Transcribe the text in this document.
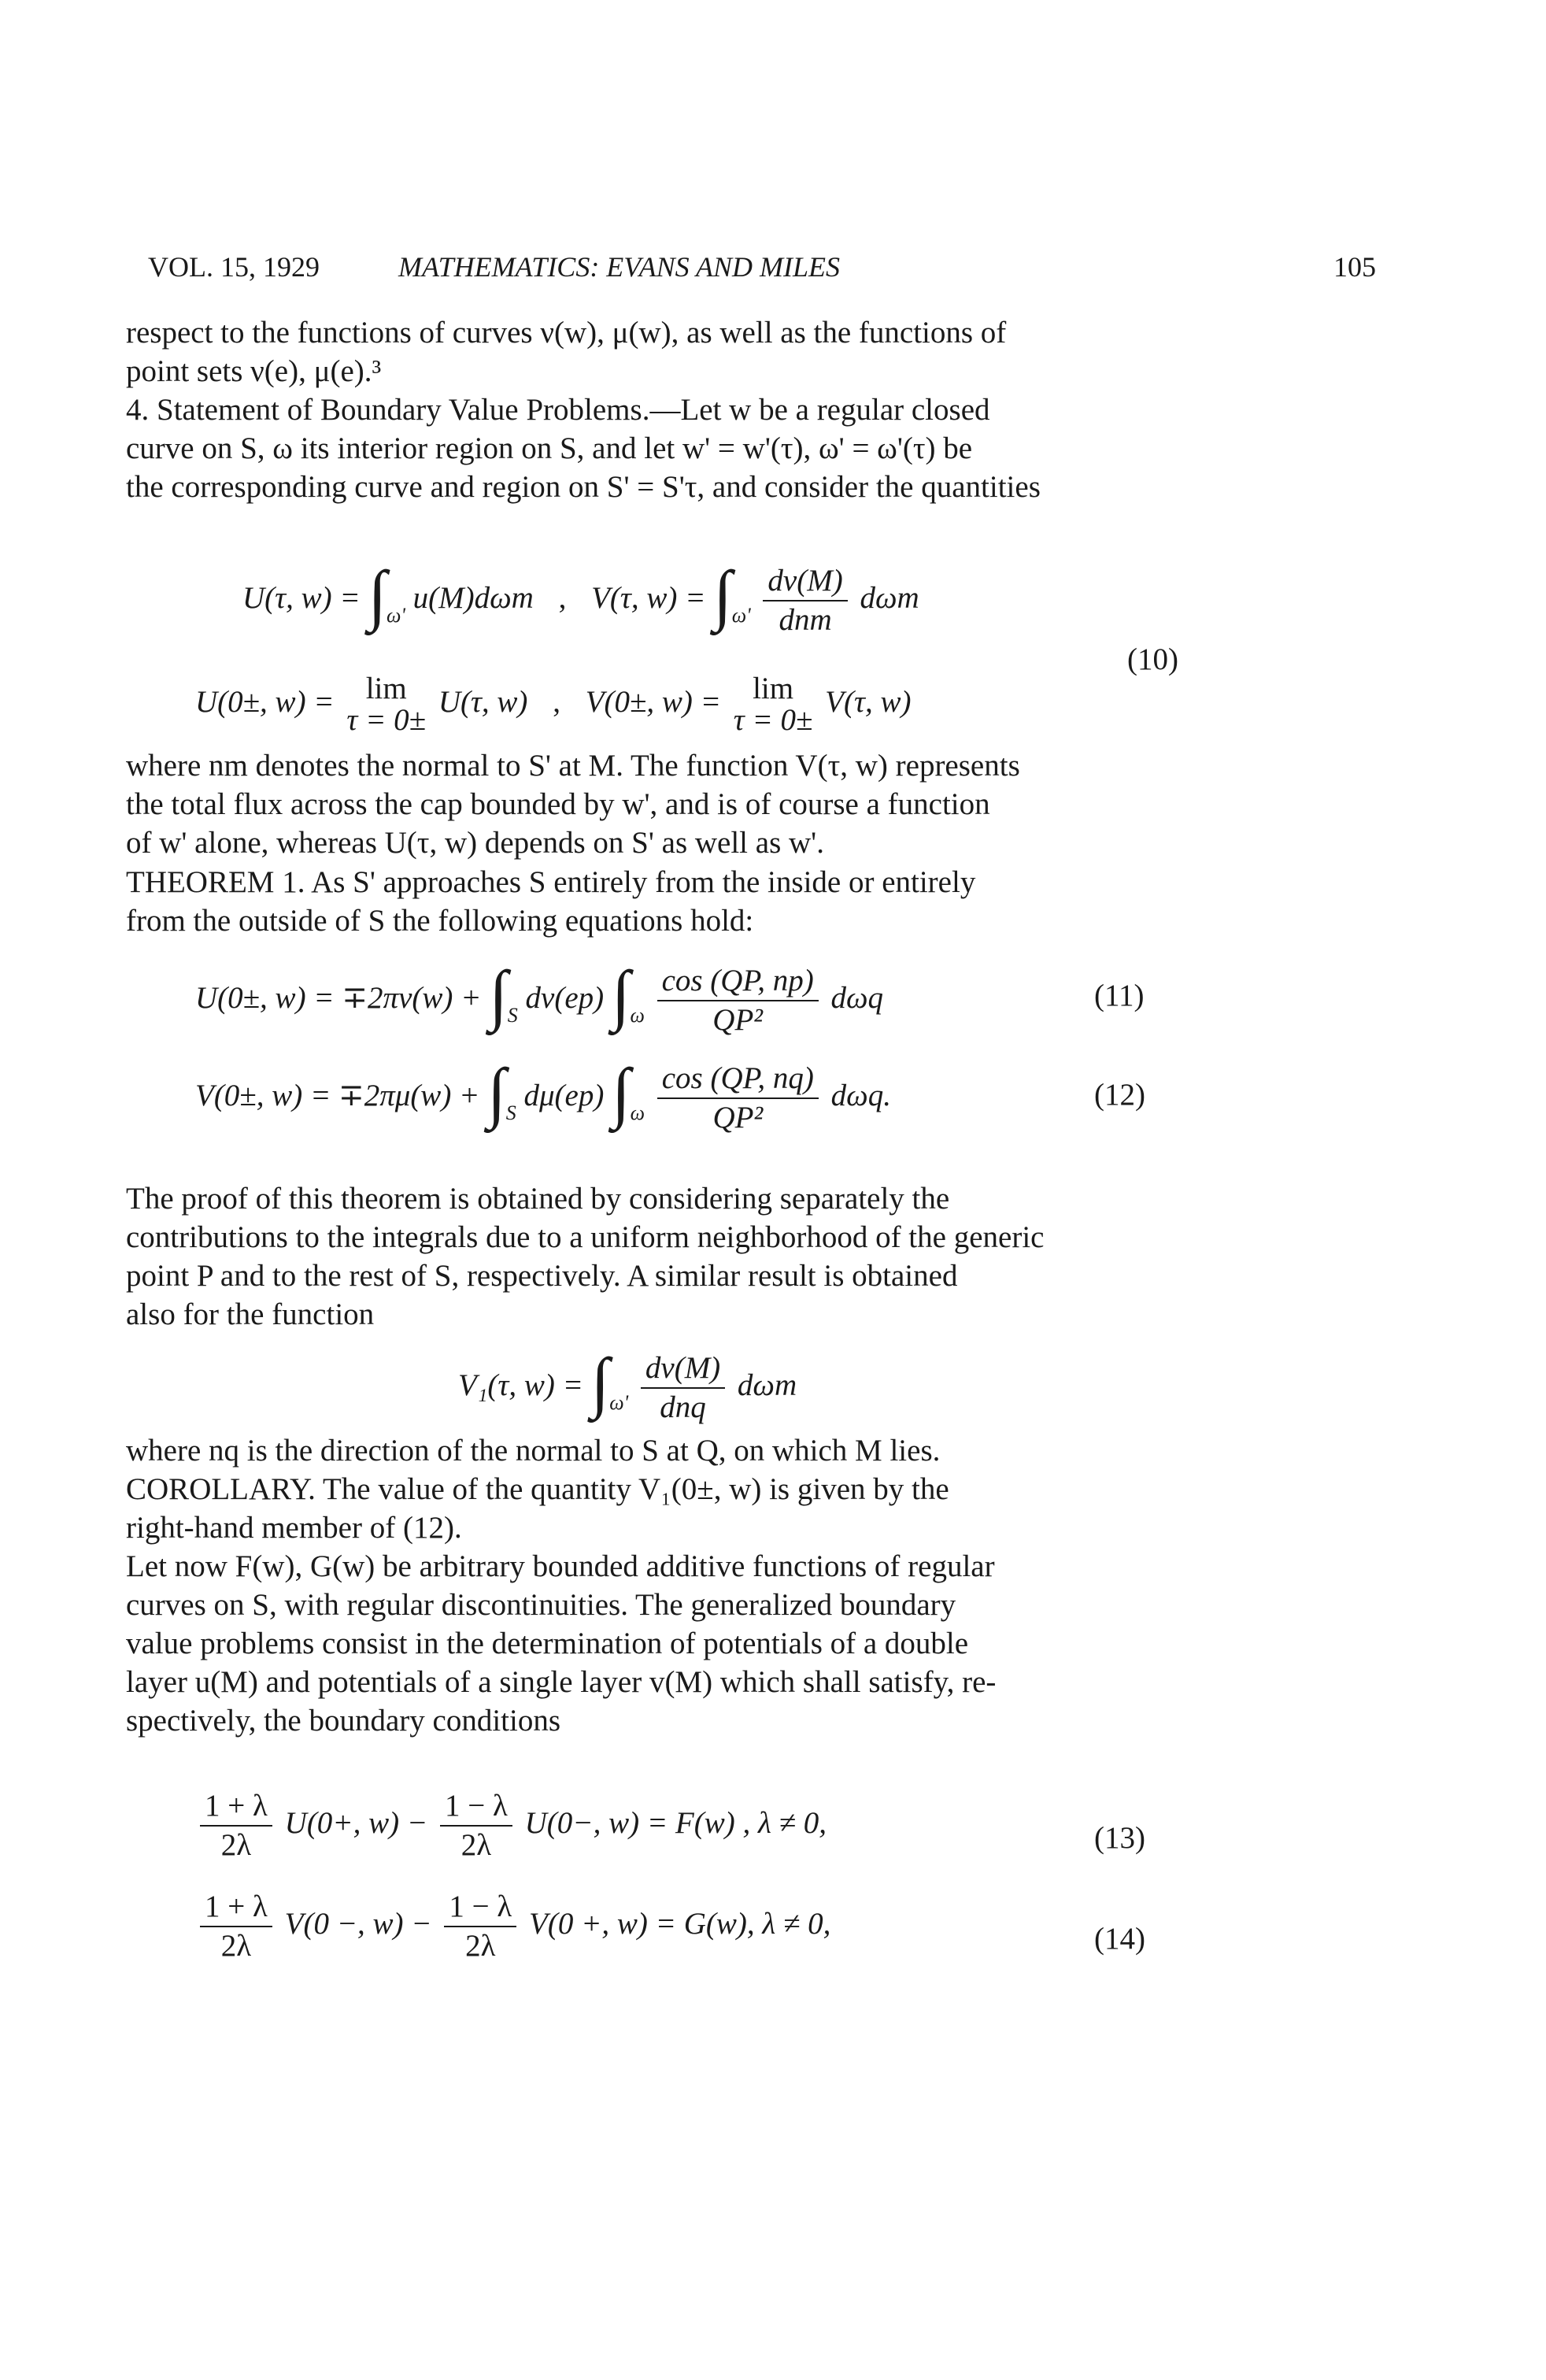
VOL. 15, 1929	MATHEMATICS: EVANS AND MILES	105
respect to the functions of curves ν(w), μ(w), as well as the functions of
point sets ν(e), μ(e).³
4. Statement of Boundary Value Problems.—Let w be a regular closed
curve on S, ω its interior region on S, and let w' = w'(τ), ω' = ω'(τ) be
the corresponding curve and region on S' = S'τ, and consider the quantities
U(τ, $w) = \int_{\omega'}$ u(M)dωm , V(τ, $w) = \int_{\omega'} \frac{dv(M)}{\text{dnm}}$ dωm
(10)
U(0±, w) =	lim
τ = 0±
U(τ, w) , V(0±, w) =	lim
τ = 0±
V(τ, w)
where nm denotes the normal to S' at M. The function V(τ, w) represents
the total flux across the cap bounded by w', and is of course a function
of w' alone, whereas U(τ, w) depends on S' as well as w'.
THEOREM 1. As S' approaches S entirely from the inside or entirely
from the outside of S the following equations hold:
U(0±, $w) = \mp 2\pi\nu(w) + \int_S$ dν(ep) $\int_\omega \frac{\cos (QP, np)}{\text{QP²}}$ dωq	(11)
V(0±, $w) = \mp 2\pi\mu(w) + \int_S$ dμ(ep) $\int_\omega \frac{\cos (QP, nq)}{\text{QP²}} d\omega q$.	(12)
The proof of this theorem is obtained by considering separately the
contributions to the integrals due to a uniform neighborhood of the generic
point P and to the rest of S, respectively. A similar result is obtained
also for the function
V₁(τ, $w) = \int_{\omega'} \frac{dv(M)}{\text{dnq}}$ dωm
where nq is the direction of the normal to S at Q, on which M lies.
COROLLARY. The value of the quantity V₁(0±, w) is given by the
right-hand member of (12).
Let now F(w), G(w) be arbitrary bounded additive functions of regular
curves on S, with regular discontinuities. The generalized boundary
value problems consist in the determination of potentials of a double
layer u(M) and potentials of a single layer v(M) which shall satisfy, re-
spectively, the boundary conditions
$\frac{1 + \lambda}{2\lambda} U(0+$, $w) - \frac{1 - \lambda}{2\lambda} U(0-$, w) = F(w) , λ ≠ 0,	(13)
$\frac{1 + \lambda}{2\lambda} V(0$ −, $w) - \frac{1 - \lambda}{2\lambda} V(0$ +, w) = G(w), λ ≠ 0,	(14)
